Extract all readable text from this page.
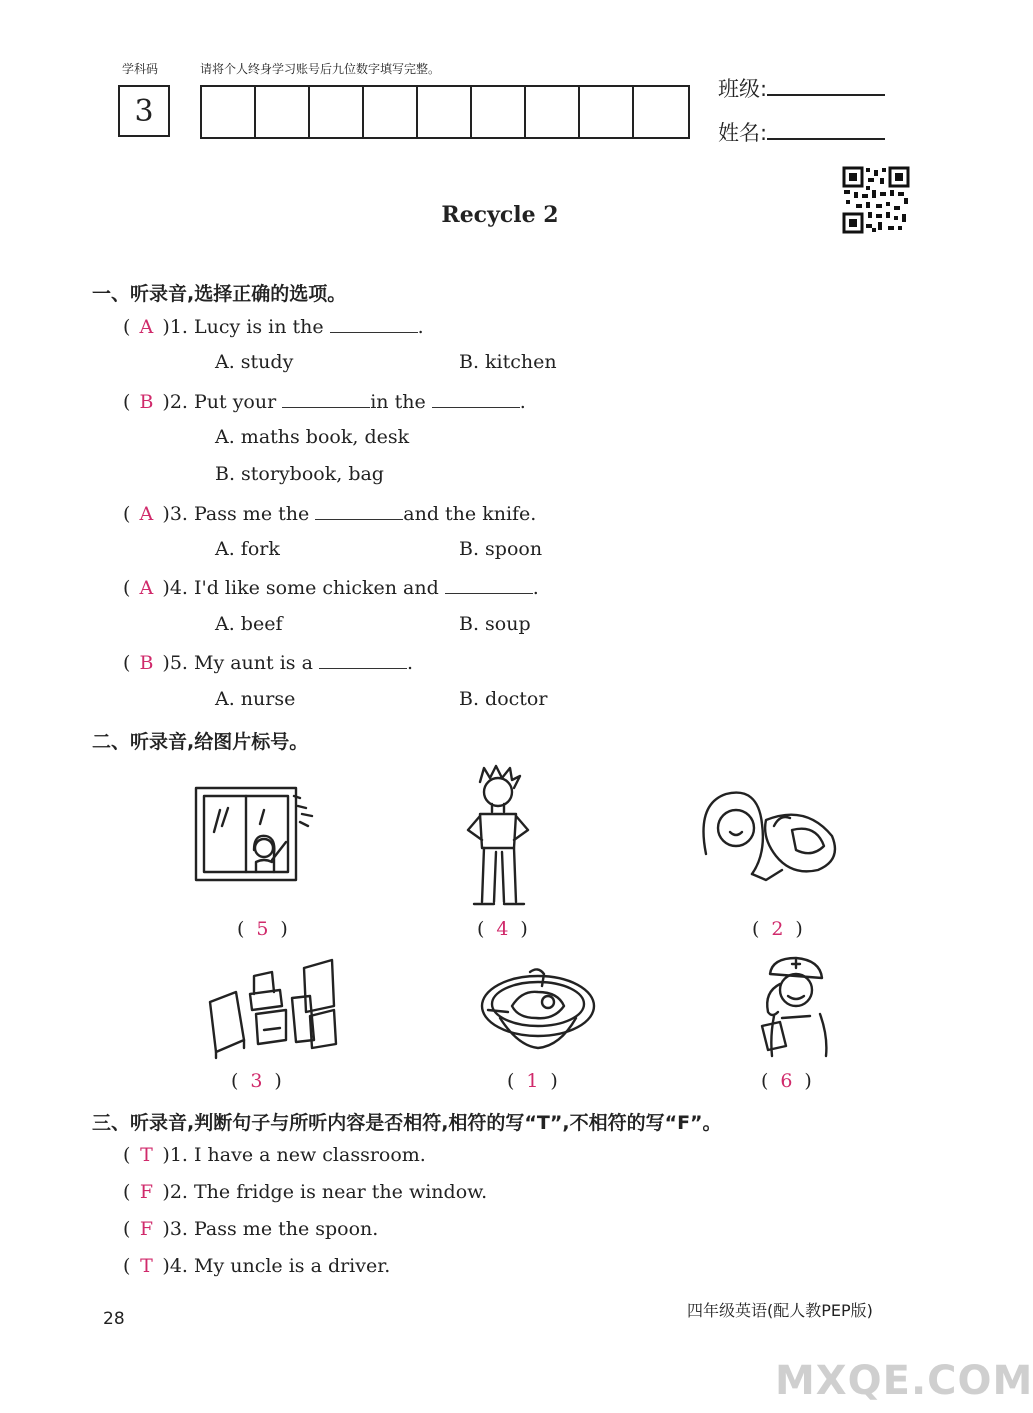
学科码	请将个人终身学习账号后九位数字填写完整。
3
班级:
姓名:
Recycle 2
一、听录音,选择正确的选项。
( A )1. Lucy is in the	.
A. study	B. kitchen
( B )2. Put your	in the	.
A. maths book, desk
B. storybook, bag
( A )3. Pass me the	and the knife.
A. fork	B. spoon
( A )4. I'd like some chicken and	.
A. beef	B. soup
( B )5. My aunt is a	.
A. nurse	B. doctor
二、听录音,给图片标号。
( 5 )	( 4 )	( 2 )
( 3 )	( 1 )	( 6 )
三、听录音,判断句子与所听内容是否相符,相符的写“T”,不相符的写“F”。
( T )1. I have a new classroom.
( F )2. The fridge is near the window.
( F )3. Pass me the spoon.
( T )4. My uncle is a driver.
28	四年级英语(配人教PEP版)
MXQE.COM
